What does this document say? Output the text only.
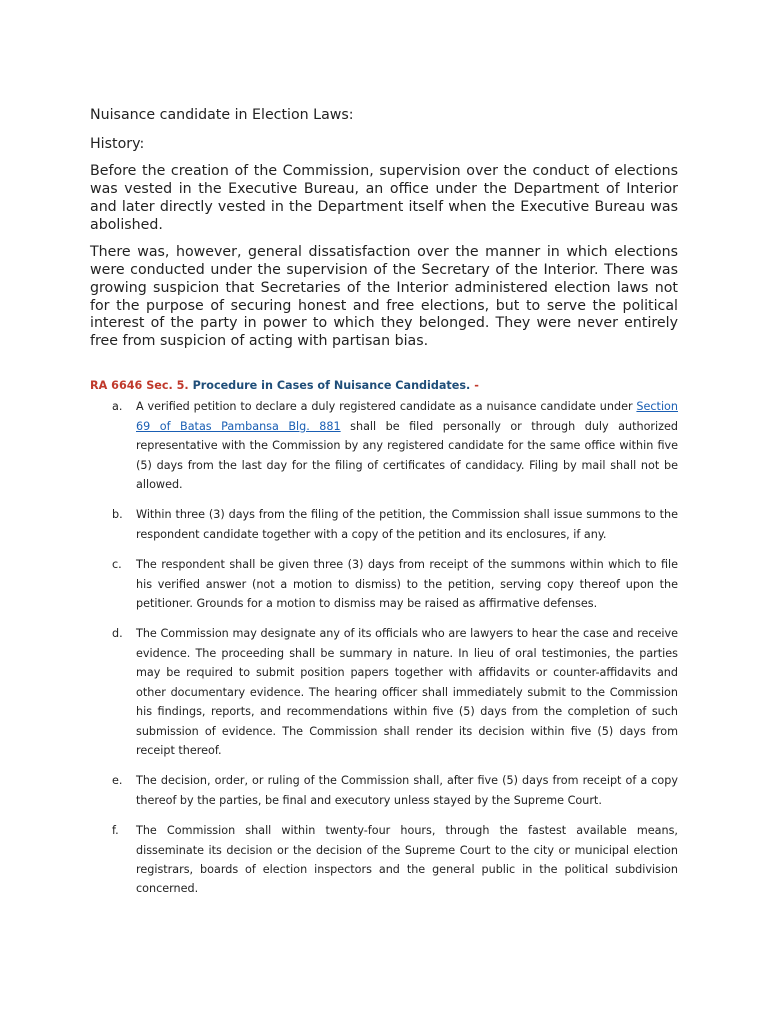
Nuisance candidate in Election Laws:

History:

Before the creation of the Commission, supervision over the conduct of elections was vested in the Executive Bureau, an office under the Department of Interior and later directly vested in the Department itself when the Executive Bureau was abolished.

There was, however, general dissatisfaction over the manner in which elections were conducted under the supervision of the Secretary of the Interior. There was growing suspicion that Secretaries of the Interior administered election laws not for the purpose of securing honest and free elections, but to serve the political interest of the party in power to which they belonged. They were never entirely free from suspicion of acting with partisan bias.

RA 6646 Sec. 5. Procedure in Cases of Nuisance Candidates. -

a. A verified petition to declare a duly registered candidate as a nuisance candidate under Section 69 of Batas Pambansa Blg. 881 shall be filed personally or through duly authorized representative with the Commission by any registered candidate for the same office within five (5) days from the last day for the filing of certificates of candidacy. Filing by mail shall not be allowed.
b. Within three (3) days from the filing of the petition, the Commission shall issue summons to the respondent candidate together with a copy of the petition and its enclosures, if any.
c. The respondent shall be given three (3) days from receipt of the summons within which to file his verified answer (not a motion to dismiss) to the petition, serving copy thereof upon the petitioner. Grounds for a motion to dismiss may be raised as affirmative defenses.
d. The Commission may designate any of its officials who are lawyers to hear the case and receive evidence. The proceeding shall be summary in nature. In lieu of oral testimonies, the parties may be required to submit position papers together with affidavits or counter-affidavits and other documentary evidence. The hearing officer shall immediately submit to the Commission his findings, reports, and recommendations within five (5) days from the completion of such submission of evidence. The Commission shall render its decision within five (5) days from receipt thereof.
e. The decision, order, or ruling of the Commission shall, after five (5) days from receipt of a copy thereof by the parties, be final and executory unless stayed by the Supreme Court.
f. The Commission shall within twenty-four hours, through the fastest available means, disseminate its decision or the decision of the Supreme Court to the city or municipal election registrars, boards of election inspectors and the general public in the political subdivision concerned.
